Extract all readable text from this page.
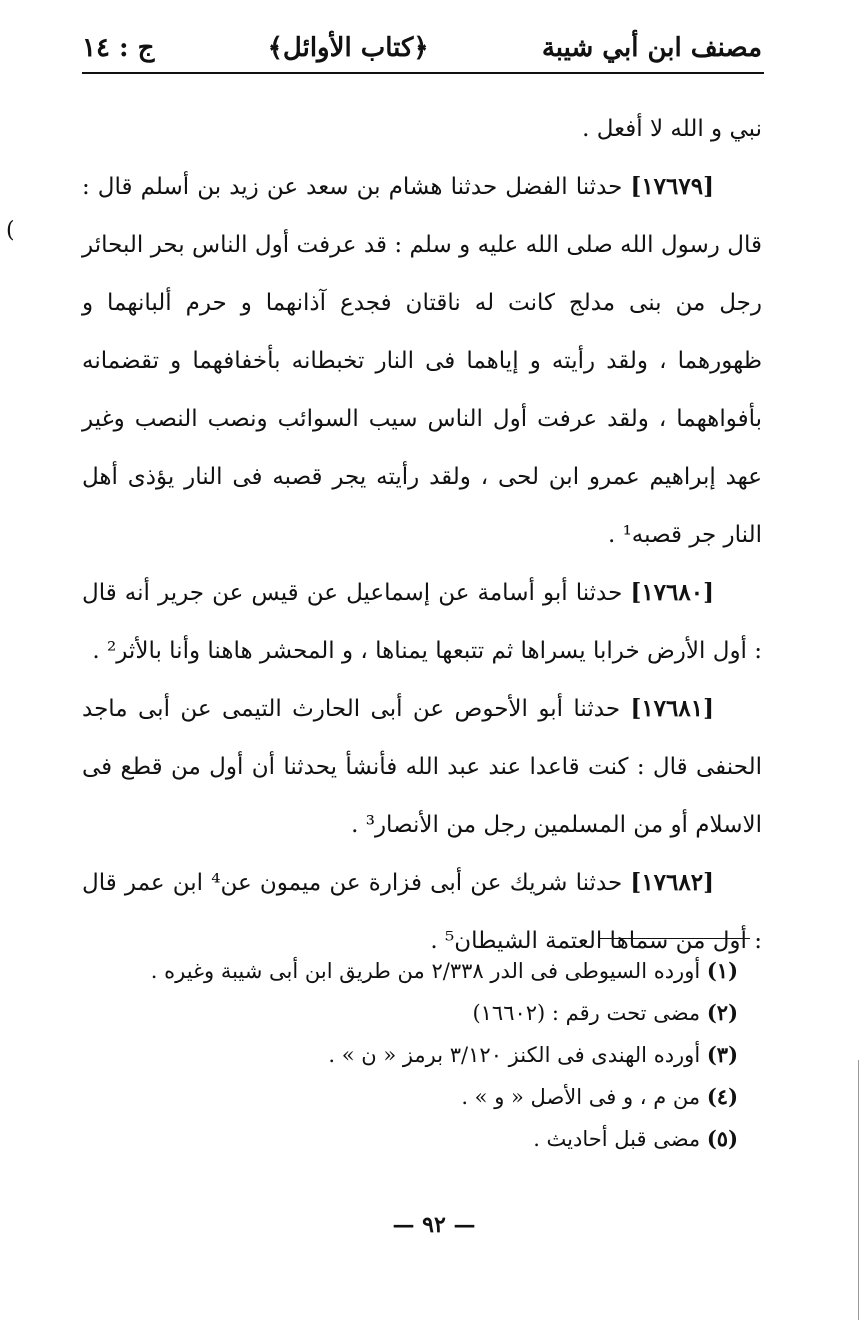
مصنف ابن أبي شيبة
﴿كتاب الأوائل﴾
ج : ١٤

نبي و الله لا أفعل .

[١٧٦٧٩] حدثنا الفضل حدثنا هشام بن سعد عن زيد بن أسلم قال : قال رسول الله صلى الله عليه و سلم : قد عرفت أول الناس بحر البحائر رجل من بنى مدلج كانت له ناقتان فجدع آذانهما و حرم ألبانهما و ظهورهما ، ولقد رأيته و إياهما فى النار تخبطانه بأخفافهما و تقضمانه بأفواههما ، ولقد عرفت أول الناس سيب السوائب ونصب النصب وغير عهد إبراهيم عمرو ابن لحى ، ولقد رأيته يجر قصبه فى النار يؤذى أهل النار جر قصبه¹ .

[١٧٦٨٠] حدثنا أبو أسامة عن إسماعيل عن قيس عن جرير أنه قال : أول الأرض خرابا يسراها ثم تتبعها يمناها ، و المحشر هاهنا وأنا بالأثر² .

[١٧٦٨١] حدثنا أبو الأحوص عن أبى الحارث التيمى عن أبى ماجد الحنفى قال : كنت قاعدا عند عبد الله فأنشأ يحدثنا أن أول من قطع فى الاسلام أو من المسلمين رجل من الأنصار³ .

[١٧٦٨٢] حدثنا شريك عن أبى فزارة عن ميمون عن⁴ ابن عمر قال : أول من سماها العتمة الشيطان⁵ .

(١) أورده السيوطى فى الدر ٢/٣٣٨ من طريق ابن أبى شيبة وغيره .

(٢) مضى تحت رقم : (١٦٦٠٢)

(٣) أورده الهندى فى الكنز ٣/١٢٠ برمز « ن » .

(٤) من م ، و فى الأصل « و » .

(٥) مضى قبل أحاديث .

— ٩٢ —
(
